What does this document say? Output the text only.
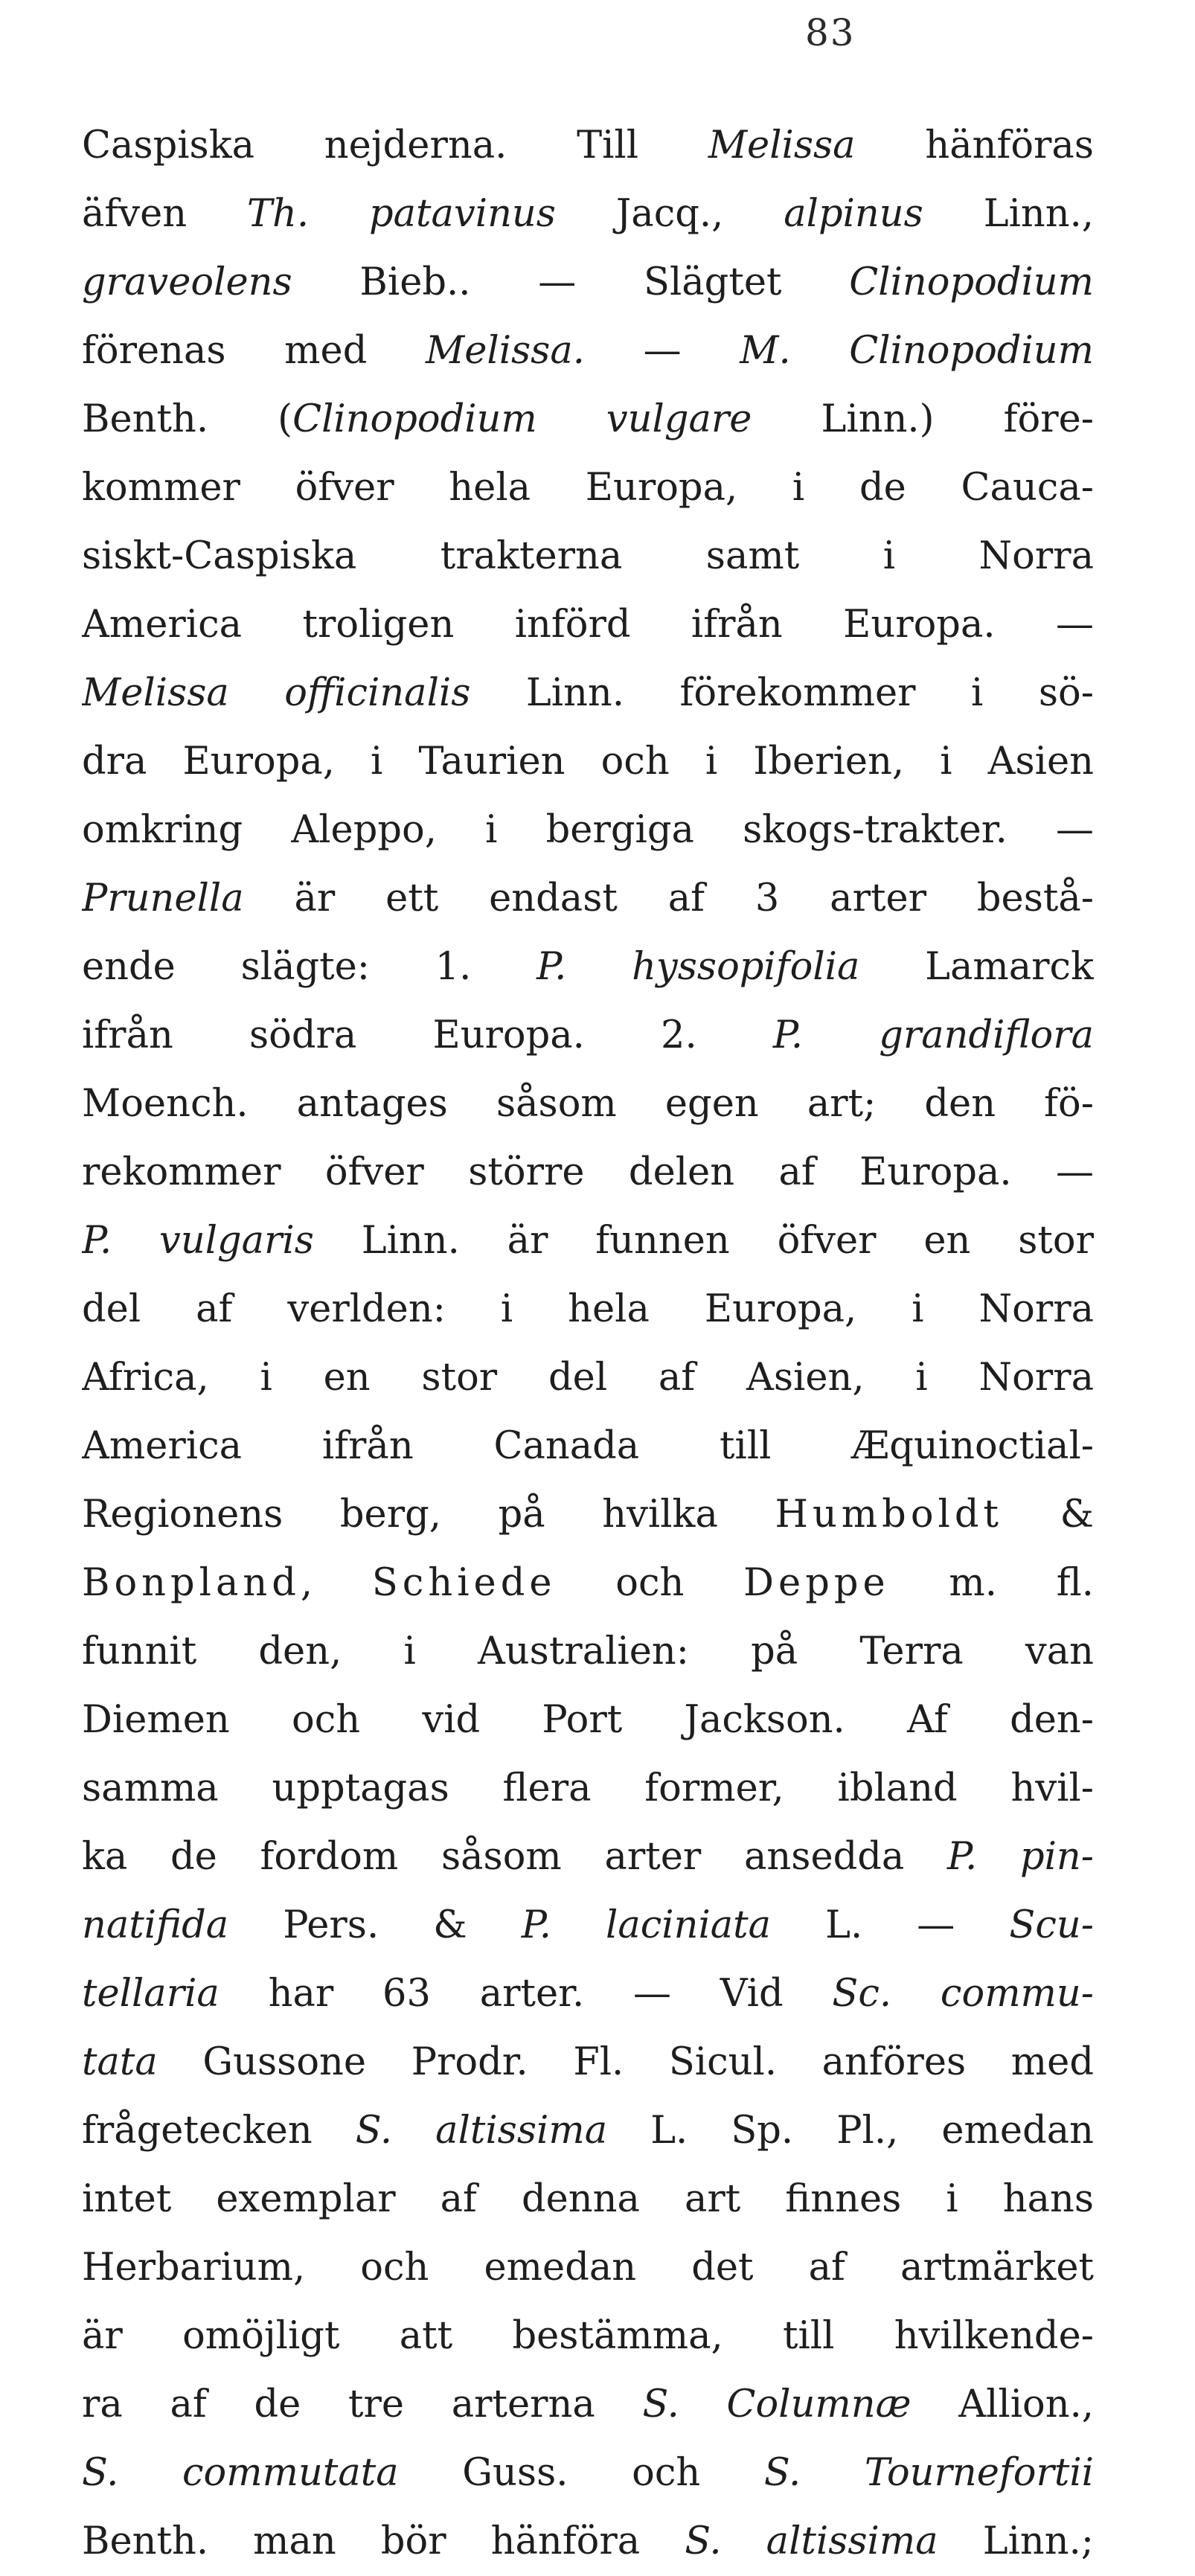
83
Caspiska nejderna. Till Melissa hänföras
äfven Th. patavinus Jacq., alpinus Linn.,
graveolens Bieb.. — Slägtet Clinopodium
förenas med Melissa. — M. Clinopodium
Benth. (Clinopodium vulgare Linn.) före-
kommer öfver hela Europa, i de Cauca-
siskt-Caspiska trakterna samt i Norra
America troligen införd ifrån Europa. —
Melissa officinalis Linn. förekommer i sö-
dra Europa, i Taurien och i Iberien, i Asien
omkring Aleppo, i bergiga skogs-trakter. —
Prunella är ett endast af 3 arter bestå-
ende slägte: 1. P. hyssopifolia Lamarck
ifrån södra Europa. 2. P. grandiflora
Moench. antages såsom egen art; den fö-
rekommer öfver större delen af Europa. —
P. vulgaris Linn. är funnen öfver en stor
del af verlden: i hela Europa, i Norra
Africa, i en stor del af Asien, i Norra
America ifrån Canada till Æquinoctial-
Regionens berg, på hvilka Humboldt &
Bonpland, Schiede och Deppe m. fl.
funnit den, i Australien: på Terra van
Diemen och vid Port Jackson. Af den-
samma upptagas flera former, ibland hvil-
ka de fordom såsom arter ansedda P. pin-
natifida Pers. & P. laciniata L. — Scu-
tellaria har 63 arter. — Vid Sc. commu-
tata Gussone Prodr. Fl. Sicul. anföres med
frågetecken S. altissima L. Sp. Pl., emedan
intet exemplar af denna art finnes i hans
Herbarium, och emedan det af artmärket
är omöjligt att bestämma, till hvilkende-
ra af de tre arterna S. Columnæ Allion.,
S. commutata Guss. och S. Tournefortii
Benth. man bör hänföra S. altissima Linn.;
